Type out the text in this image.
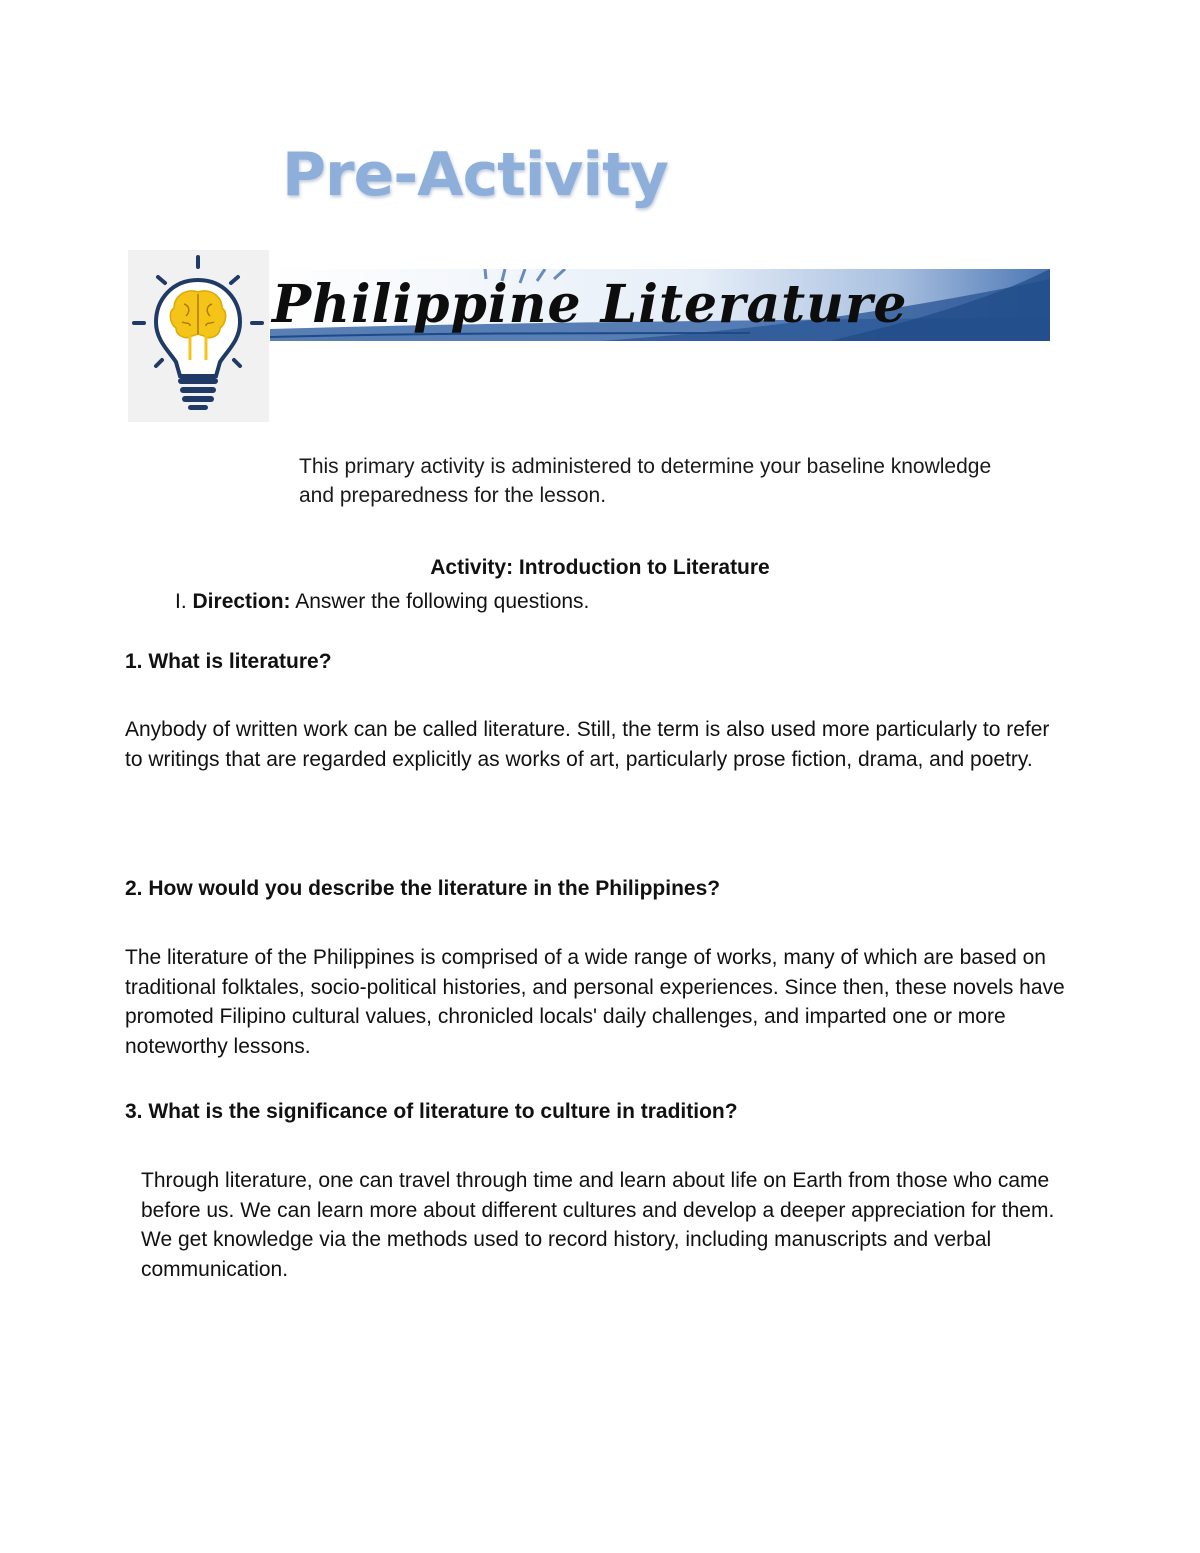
Pre-Activity
Philippine Literature
This primary activity is administered to determine your baseline knowledge and preparedness for the lesson.
Activity: Introduction to Literature
I. Direction: Answer the following questions.
1. What is literature?
Anybody of written work can be called literature. Still, the term is also used more particularly to refer to writings that are regarded explicitly as works of art, particularly prose fiction, drama, and poetry.
2. How would you describe the literature in the Philippines?
The literature of the Philippines is comprised of a wide range of works, many of which are based on traditional folktales, socio-political histories, and personal experiences. Since then, these novels have promoted Filipino cultural values, chronicled locals' daily challenges, and imparted one or more noteworthy lessons.
3. What is the significance of literature to culture in tradition?
Through literature, one can travel through time and learn about life on Earth from those who came before us. We can learn more about different cultures and develop a deeper appreciation for them. We get knowledge via the methods used to record history, including manuscripts and verbal communication.
